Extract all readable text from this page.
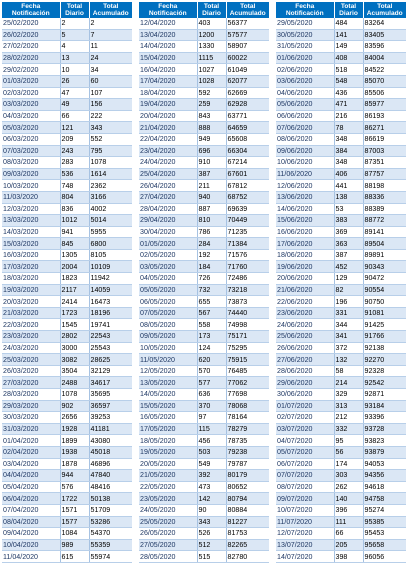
Fecha Notificación	Total Diario	Total Acumulado
25/02/2020	2	2
26/02/2020	5	7
27/02/2020	4	11
28/02/2020	13	24
29/02/2020	10	34
01/03/2020	26	60
02/03/2020	47	107
03/03/2020	49	156
04/03/2020	66	222
05/03/2020	121	343
06/03/2020	209	552
07/03/2020	243	795
08/03/2020	283	1078
09/03/2020	536	1614
10/03/2020	748	2362
11/03/2020	804	3166
12/03/2020	836	4002
13/03/2020	1012	5014
14/03/2020	941	5955
15/03/2020	845	6800
16/03/2020	1305	8105
17/03/2020	2004	10109
18/03/2020	1823	11942
19/03/2020	2117	14059
20/03/2020	2414	16473
21/03/2020	1723	18196
22/03/2020	1545	19741
23/03/2020	2802	22543
24/03/2020	3000	25543
25/03/2020	3082	28625
26/03/2020	3504	32129
27/03/2020	2488	34617
28/03/2020	1078	35695
29/03/2020	902	36597
30/03/2020	2656	39253
31/03/2020	1928	41181
01/04/2020	1899	43080
02/04/2020	1938	45018
03/04/2020	1878	46896
04/04/2020	944	47840
05/04/2020	576	48416
06/04/2020	1722	50138
07/04/2020	1571	51709
08/04/2020	1577	53286
09/04/2020	1084	54370
10/04/2020	989	55359
11/04/2020	615	55974
Fecha Notificación	Total Diario	Total Acumulado
12/04/2020	403	56377
13/04/2020	1200	57577
14/04/2020	1330	58907
15/04/2020	1115	60022
16/04/2020	1027	61049
17/04/2020	1028	62077
18/04/2020	592	62669
19/04/2020	259	62928
20/04/2020	843	63771
21/04/2020	888	64659
22/04/2020	949	65608
23/04/2020	696	66304
24/04/2020	910	67214
25/04/2020	387	67601
26/04/2020	211	67812
27/04/2020	940	68752
28/04/2020	887	69639
29/04/2020	810	70449
30/04/2020	786	71235
01/05/2020	284	71384
02/05/2020	192	71576
03/05/2020	184	71760
04/05/2020	726	72486
05/05/2020	732	73218
06/05/2020	655	73873
07/05/2020	567	74440
08/05/2020	558	74998
09/05/2020	173	75171
10/05/2020	124	75295
11/05/2020	620	75915
12/05/2020	570	76485
13/05/2020	577	77062
14/05/2020	636	77698
15/05/2020	370	78068
16/05/2020	97	78164
17/05/2020	115	78279
18/05/2020	456	78735
19/05/2020	503	79238
20/05/2020	549	79787
21/05/2020	392	80179
22/05/2020	473	80652
23/05/2020	142	80794
24/05/2020	90	80884
25/05/2020	343	81227
26/05/2020	526	81753
27/05/2020	512	82265
28/05/2020	515	82780
Fecha Notificación	Total Diario	Total Acumulado
29/05/2020	484	83264
30/05/2020	141	83405
31/05/2020	149	83596
01/06/2020	408	84004
02/06/2020	518	84522
03/06/2020	548	85070
04/06/2020	436	85506
05/06/2020	471	85977
06/06/2020	216	86193
07/06/2020	78	86271
08/06/2020	348	86619
09/06/2020	384	87003
10/06/2020	348	87351
11/06/2020	406	87757
12/06/2020	441	88198
13/06/2020	138	88336
14/06/2020	53	88389
15/06/2020	383	88772
16/06/2020	369	89141
17/06/2020	363	89504
18/06/2020	387	89891
19/06/2020	452	90343
20/06/2020	129	90472
21/06/2020	82	90554
22/06/2020	196	90750
23/06/2020	331	91081
24/06/2020	344	91425
25/06/2020	341	91766
26/06/2020	372	92138
27/06/2020	132	92270
28/06/2020	58	92328
29/06/2020	214	92542
30/06/2020	329	92871
01/07/2020	313	93184
02/07/2020	212	93396
03/07/2020	332	93728
04/07/2020	95	93823
05/07/2020	56	93879
06/07/2020	174	94053
07/07/2020	303	94356
08/07/2020	262	94618
09/07/2020	140	94758
10/07/2020	396	95274
11/07/2020	111	95385
12/07/2020	66	95453
13/07/2020	205	95658
14/07/2020	398	96056
